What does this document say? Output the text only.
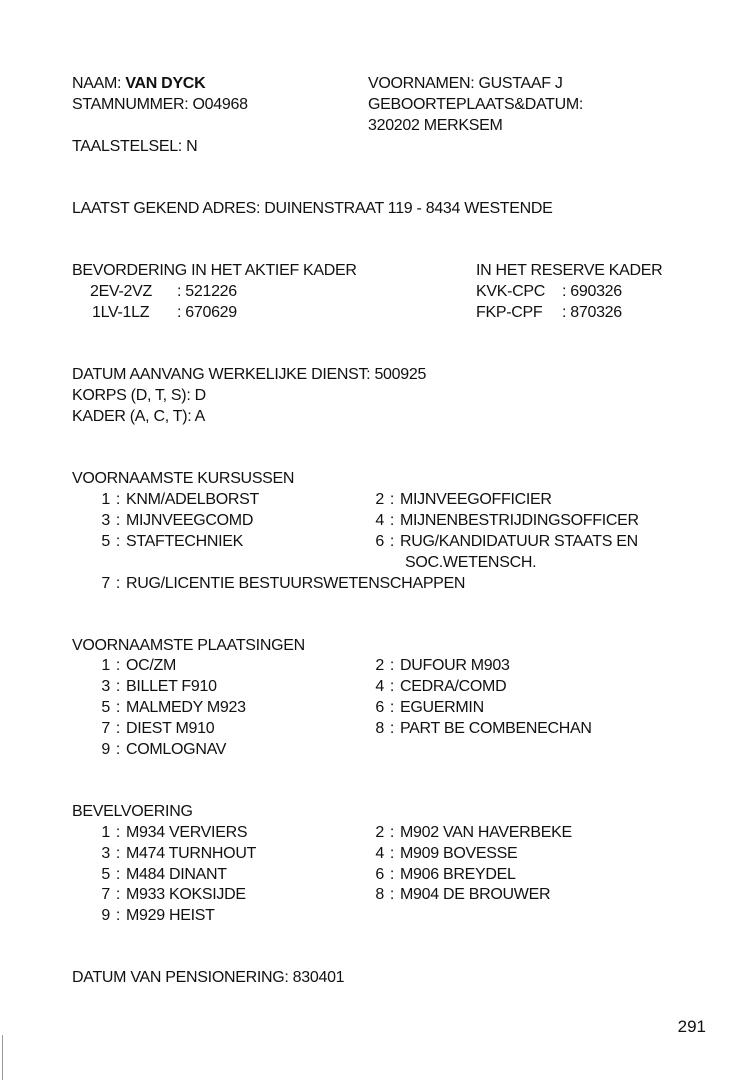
NAAM: VAN DYCK
STAMNUMMER: O04968
VOORNAMEN: GUSTAAF J
GEBOORTEPLAATS&DATUM:
320202 MERKSEM
TAALSTELSEL: N
LAATST GEKEND ADRES: DUINENSTRAAT 119 - 8434 WESTENDE
BEVORDERING IN HET AKTIEF KADER
2EV-2VZ : 521226
1LV-1LZ : 670629
IN HET RESERVE KADER
KVK-CPC : 690326
FKP-CPF : 870326
DATUM AANVANG WERKELIJKE DIENST: 500925
KORPS (D, T, S): D
KADER (A, C, T): A
VOORNAAMSTE KURSUSSEN
1 : KNM/ADELBORST
3 : MIJNVEEGCOMD
5 : STAFTECHNIEK
2 : MIJNVEEGOFFICIER
4 : MIJNENBESTRIJDINGSOFFICER
6 : RUG/KANDIDATUUR STAATS EN
SOC.WETENSCH.
7 : RUG/LICENTIE BESTUURSWETENSCHAPPEN
VOORNAAMSTE PLAATSINGEN
1 : OC/ZM
3 : BILLET F910
5 : MALMEDY M923
7 : DIEST M910
9 : COMLOGNAV
2 : DUFOUR M903
4 : CEDRA/COMD
6 : EGUERMIN
8 : PART BE COMBENECHAN
BEVELVOERING
1 : M934 VERVIERS
3 : M474 TURNHOUT
5 : M484 DINANT
7 : M933 KOKSIJDE
9 : M929 HEIST
2 : M902 VAN HAVERBEKE
4 : M909 BOVESSE
6 : M906 BREYDEL
8 : M904 DE BROUWER
DATUM VAN PENSIONERING: 830401
291
